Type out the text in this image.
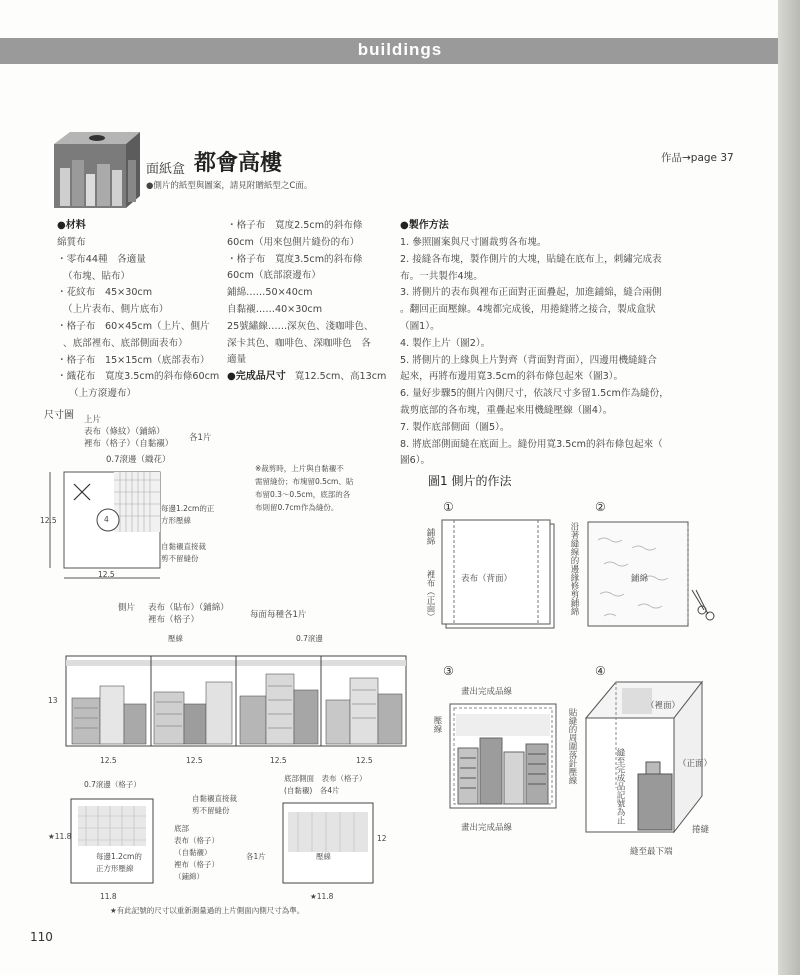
buildings
面紙盒 都會高樓
●側片的紙型與圖案，請見附贈紙型之C面。
作品→page 37
●材料
綿質布
・零布44種　各適量
（布塊、貼布）
・花紋布　45×30cm
（上片表布、側片底布）
・格子布　60×45cm（上片、側片
、底部裡布、底部側面表布）
・格子布　15×15cm（底部表布）
・織花布　寬度3.5cm的斜布條60cm
（上方滾邊布）
・格子布　寬度2.5cm的斜布條
60cm（用來包側片縫份的布）
・格子布　寬度3.5cm的斜布條
60cm（底部滾邊布）
鋪綿……50×40cm
自黏襯……40×30cm
25號繡線……深灰色、淺咖啡色、
深卡其色、咖啡色、深咖啡色　各
適量
●完成品尺寸 寬12.5cm、高13cm
●製作方法
1. 參照圖案與尺寸圖裁剪各布塊。
2. 接縫各布塊，製作側片的大塊，貼縫在底布上，刺繡完成表
布。一共製作4塊。
3. 將側片的表布與裡布正面對正面疊起，加進鋪綿，縫合兩側
。翻回正面壓線。4塊都完成後，用捲縫將之接合，製成盒狀
（圖1）。
4. 製作上片（圖2）。
5. 將側片的上緣與上片對齊（背面對背面），四邊用機縫縫合
起來，再將布邊用寬3.5cm的斜布條包起來（圖3）。
6. 量好步驟5的側片內側尺寸，依該尺寸多留1.5cm作為縫份，
裁剪底部的各布塊，重疊起來用機縫壓線（圖4）。
7. 製作底部側面（圖5）。
8. 將底部側面縫在底面上。縫份用寬3.5cm的斜布條包起來（
圖6）。
圖1 側片的作法
①	②
③	④
鋪綿
裡布（正面）	表布（背面）	沿著縫線的邊緣修剪鋪綿	鋪綿
畫出完成品線
壓線	貼縫的周圍落針壓線
畫出完成品線
（裡面）
（正面）
縫至完成品記號為止
捲縫
縫至最下端
尺寸圖 上片
表布（條紋）（鋪綿）
裡布（格子）（自黏襯）
各1片
0.7滾邊（織花）
4
每邊1.2cm的正
方形壓線
自黏襯直接裁
剪不留縫份
12.5
12.5
※裁剪時，上片與自黏襯不
需留縫份；布塊留0.5cm、貼
布留0.3～0.5cm，底部的各
布則留0.7cm作為縫份。
側片 表布（貼布）（鋪綿）
裡布（格子）	每面每種各1片
壓線	0.7滾邊
13
12.5	12.5	12.5	12.5
0.7滾邊（格子）
自黏襯直接裁
剪不留縫份
底部
表布（格子）
（自黏襯）
裡布（格子）
（鋪綿）
各1片
每邊1.2cm的
正方形壓線
★11.8
11.8
底部側面　表布（格子）
(自黏襯)　各4片
壓線
12
★11.8
★有此記號的尺寸以重新測量過的上片側面內側尺寸為準。
110
